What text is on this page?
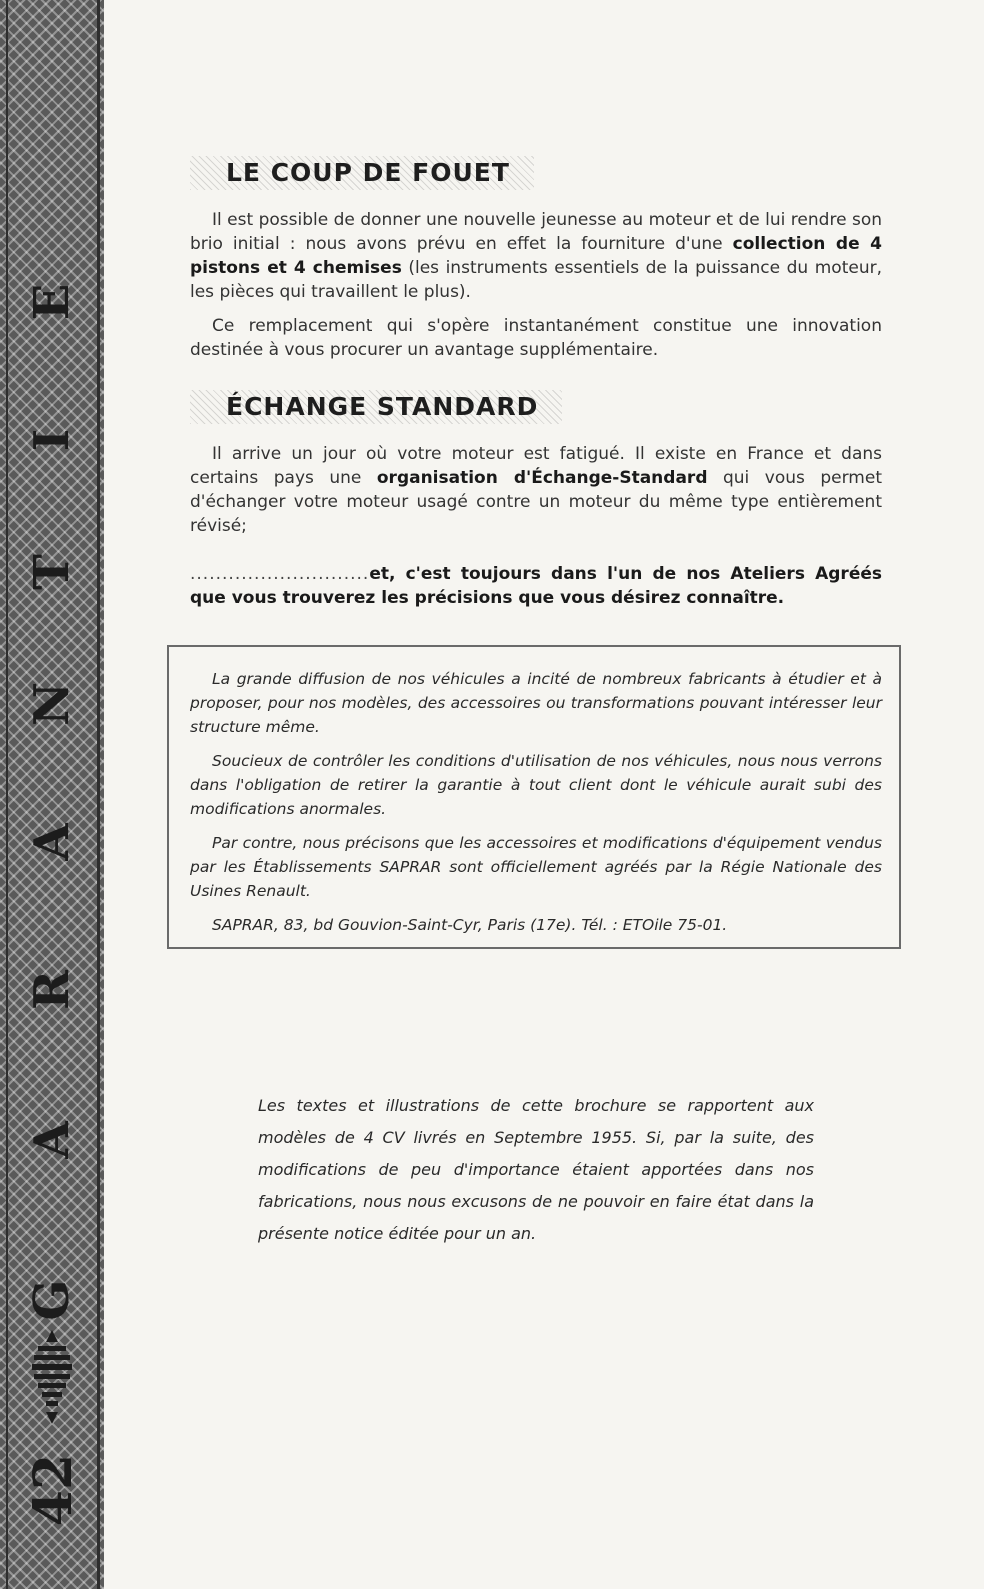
E
I
T
N
A
R
A
G
42
LE COUP DE FOUET
Il est possible de donner une nouvelle jeunesse au moteur et de lui rendre son brio initial : nous avons prévu en effet la fourniture d'une collection de 4 pistons et 4 chemises (les instruments essentiels de la puissance du moteur, les pièces qui travaillent le plus).
Ce remplacement qui s'opère instantanément constitue une innovation destinée à vous procurer un avantage supplémentaire.
ÉCHANGE STANDARD
Il arrive un jour où votre moteur est fatigué. Il existe en France et dans certains pays une organisation d'Échange-Standard qui vous permet d'échanger votre moteur usagé contre un moteur du même type entièrement révisé;
............................et, c'est toujours dans l'un de nos Ateliers Agréés que vous trouverez les précisions que vous désirez connaître.
La grande diffusion de nos véhicules a incité de nombreux fabricants à étudier et à proposer, pour nos modèles, des accessoires ou transformations pouvant intéresser leur structure même.
Soucieux de contrôler les conditions d'utilisation de nos véhicules, nous nous verrons dans l'obligation de retirer la garantie à tout client dont le véhicule aurait subi des modifications anormales.
Par contre, nous précisons que les accessoires et modifications d'équipement vendus par les Établissements SAPRAR sont officiellement agréés par la Régie Nationale des Usines Renault.
SAPRAR, 83, bd Gouvion-Saint-Cyr, Paris (17e). Tél. : ETOile 75-01.
Les textes et illustrations de cette brochure se rapportent aux modèles de 4 CV livrés en Septembre 1955. Si, par la suite, des modifications de peu d'importance étaient apportées dans nos fabrications, nous nous excusons de ne pouvoir en faire état dans la présente notice éditée pour un an.
